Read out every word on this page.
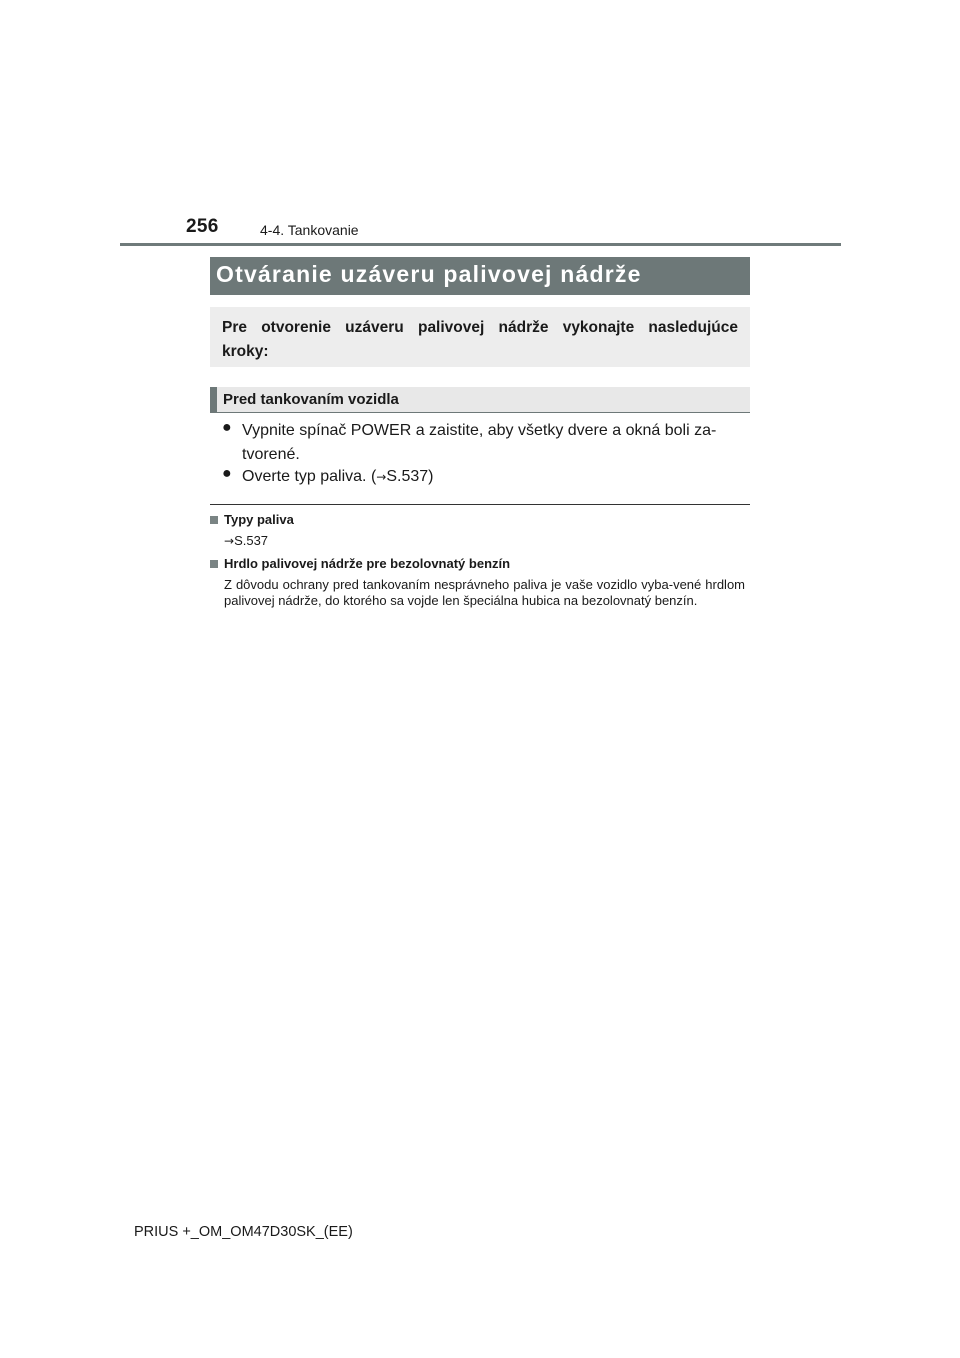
256	4-4. Tankovanie
Otváranie uzáveru palivovej nádrže
Pre otvorenie uzáveru palivovej nádrže vykonajte nasledujúce kroky:
Pred tankovaním vozidla
● Vypnite spínač POWER a zaistite, aby všetky dvere a okná boli za-tvorené.
● Overte typ paliva. (→S.537)
Typy paliva
→S.537
Hrdlo palivovej nádrže pre bezolovnatý benzín
Z dôvodu ochrany pred tankovaním nesprávneho paliva je vaše vozidlo vyba-vené hrdlom palivovej nádrže, do ktorého sa vojde len špeciálna hubica na bezolovnatý benzín.
PRIUS +_OM_OM47D30SK_(EE)
